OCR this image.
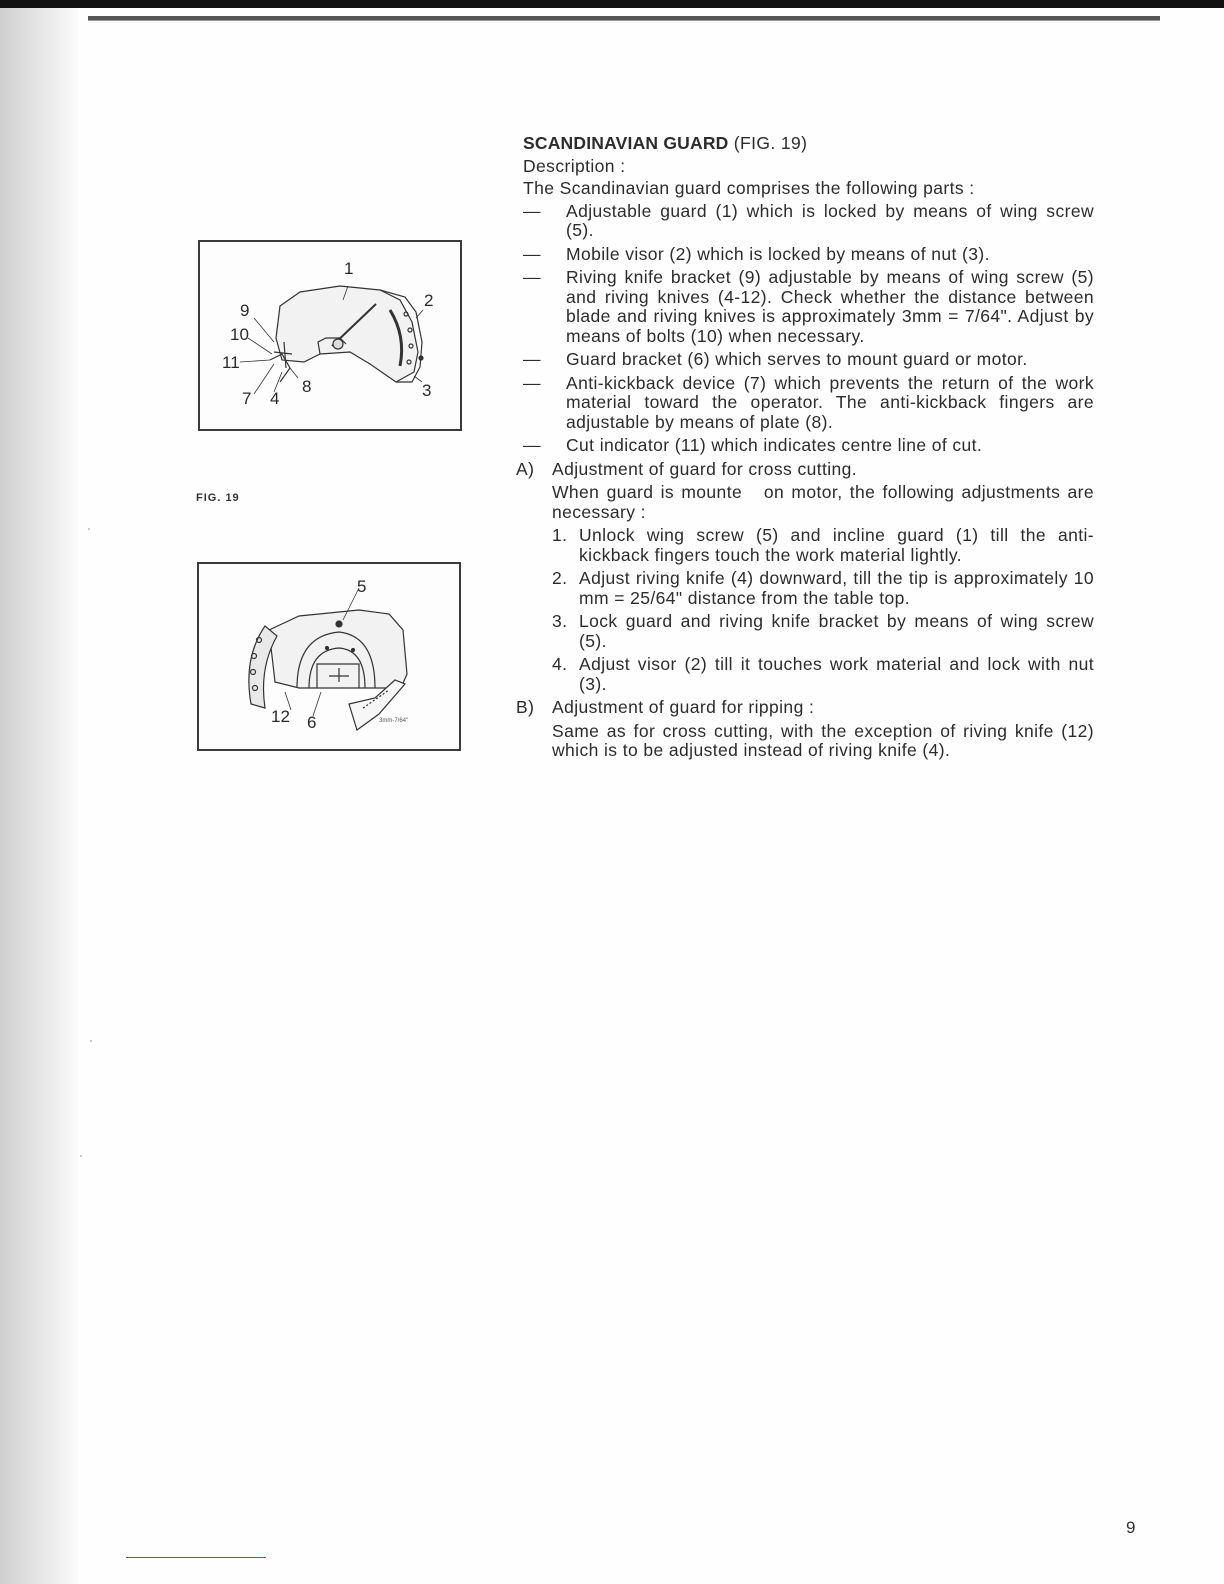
1
2
9
10
11
7 4
8	3
FIG. 19
3mm-7/64"
5
12 6
SCANDINAVIAN GUARD (FIG. 19)
Description :
The Scandinavian guard comprises the following parts :
— Adjustable guard (1) which is locked by means of wing screw (5).
— Mobile visor (2) which is locked by means of nut (3).
— Riving knife bracket (9) adjustable by means of wing screw (5) and riving knives (4-12). Check whether the distance between blade and riving knives is approximately 3mm = 7/64". Adjust by means of bolts (10) when necessary.
— Guard bracket (6) which serves to mount guard or motor.
— Anti-kickback device (7) which prevents the return of the work material toward the operator. The anti-kickback fingers are adjustable by means of plate (8).
— Cut indicator (11) which indicates centre line of cut.
A) Adjustment of guard for cross cutting.
When guard is mounte   on motor, the following adjustments are necessary :
1. Unlock wing screw (5) and incline guard (1) till the anti-kickback fingers touch the work material lightly.
2. Adjust riving knife (4) downward, till the tip is approximately 10 mm = 25/64" distance from the table top.
3. Lock guard and riving knife bracket by means of wing screw (5).
4. Adjust visor (2) till it touches work material and lock with nut (3).
B) Adjustment of guard for ripping :
Same as for cross cutting, with the exception of riving knife (12) which is to be adjusted instead of riving knife (4).
9
